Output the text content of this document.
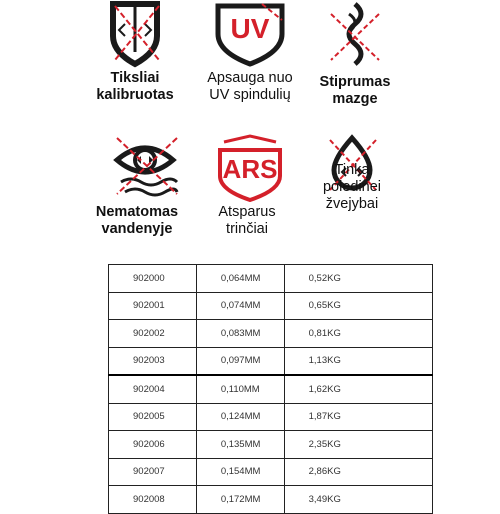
Tiksliai
kalibruotas
UV
Apsauga nuo
UV spindulių
Stiprumas
mazge
Nematomas
vandenyje
ARS
Atsparus
trinčiai
Tinka
poledinei
žvejybai
902000	0,064MM	0,52KG
902001	0,074MM	0,65KG
902002	0,083MM	0,81KG
902003	0,097MM	1,13KG
902004	0,110MM	1,62KG
902005	0,124MM	1,87KG
902006	0,135MM	2,35KG
902007	0,154MM	2,86KG
902008	0,172MM	3,49KG
